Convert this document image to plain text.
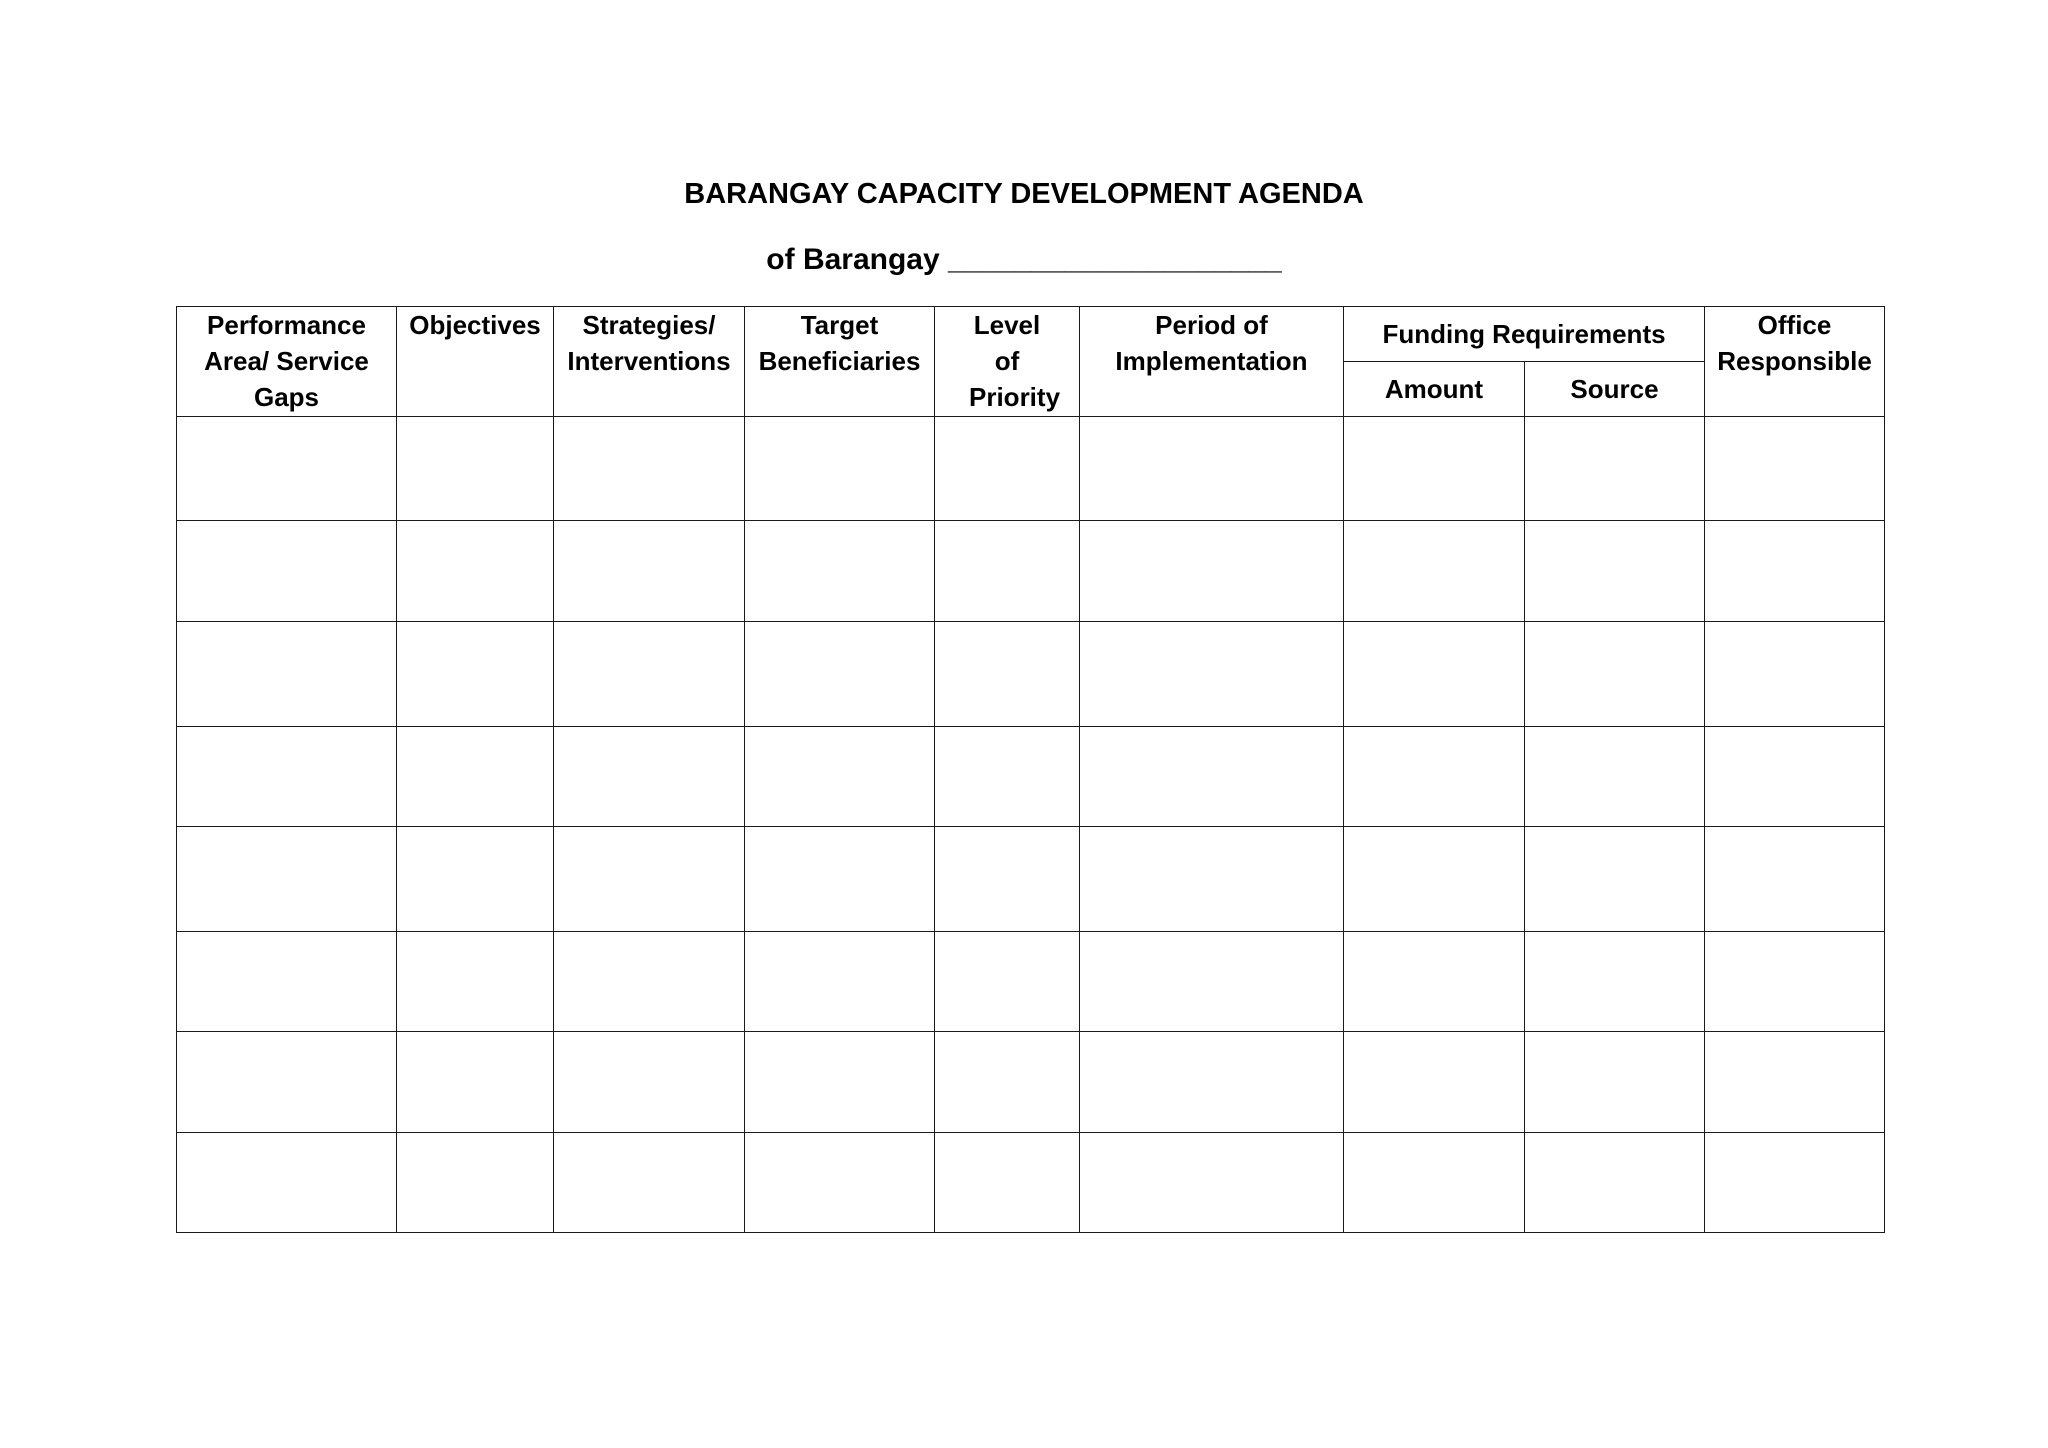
BARANGAY CAPACITY DEVELOPMENT AGENDA
of Barangay ____________________
Performance Area/ Service Gaps	Objectives	Strategies/ Interventions	Target Beneficiaries	Level of Priority	Period of Implementation	Funding Requirements		Office Responsible
						Amount	Source	
